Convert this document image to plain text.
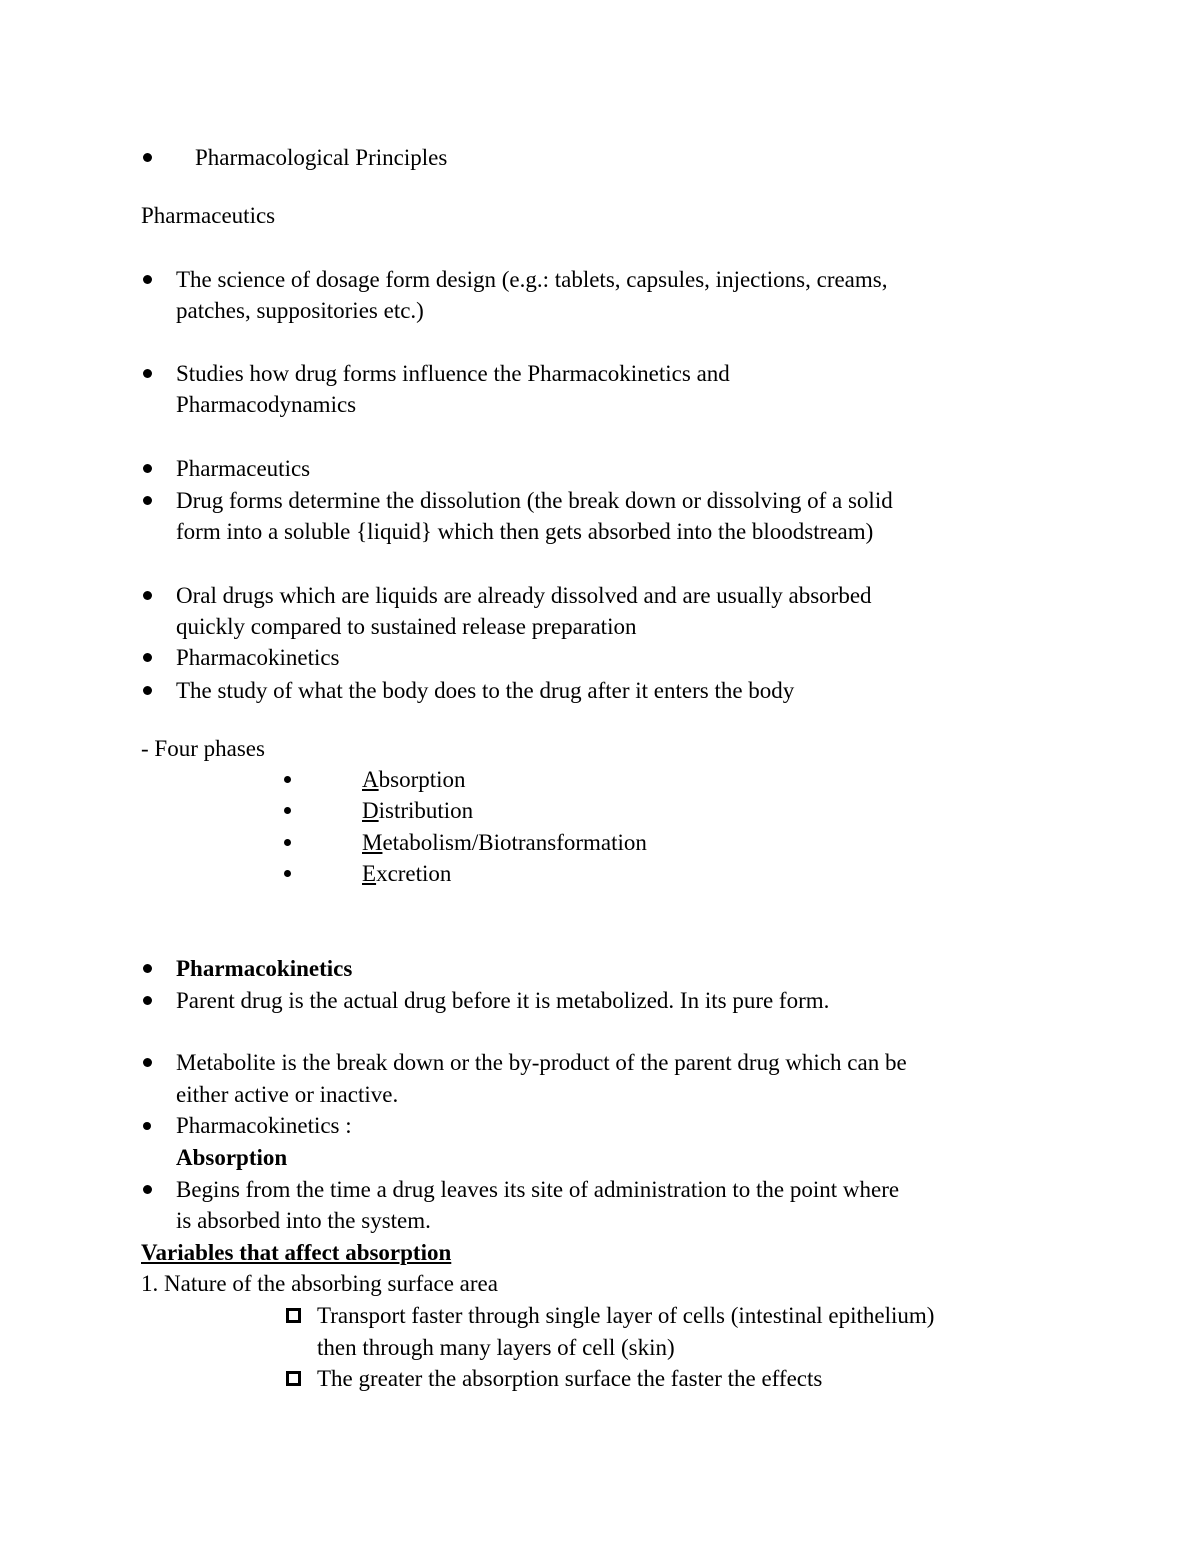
Pharmacological Principles
Pharmaceutics
The science of dosage form design (e.g.: tablets, capsules, injections, creams,
patches, suppositories etc.)
Studies how drug forms influence the Pharmacokinetics and
Pharmacodynamics
Pharmaceutics
Drug forms determine the dissolution (the break down or dissolving of a solid
form into a soluble {liquid} which then gets absorbed into the bloodstream)
Oral drugs which are liquids are already dissolved and are usually absorbed
quickly compared to sustained release preparation
Pharmacokinetics
The study of what the body does to the drug after it enters the body
- Four phases
Absorption
Distribution
Metabolism/Biotransformation
Excretion
Pharmacokinetics
Parent drug is the actual drug before it is metabolized. In its pure form.
Metabolite is the break down or the by-product of the parent drug which can be
either active or inactive.
Pharmacokinetics :
Absorption
Begins from the time a drug leaves its site of administration to the point where
is absorbed into the system.
Variables that affect absorption
1. Nature of the absorbing surface area
Transport faster through single layer of cells (intestinal epithelium)
then through many layers of cell (skin)
The greater the absorption surface the faster the effects
